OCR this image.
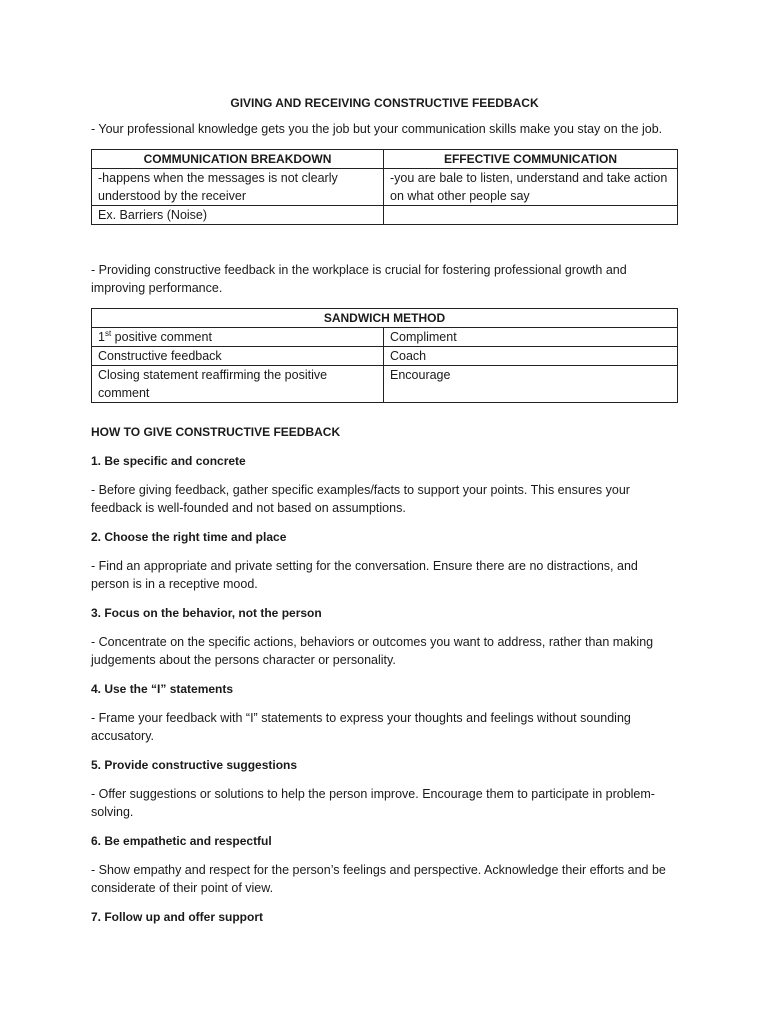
GIVING AND RECEIVING CONSTRUCTIVE FEEDBACK

- Your professional knowledge gets you the job but your communication skills make you stay on the job.

COMMUNICATION BREAKDOWN	EFFECTIVE COMMUNICATION
-happens when the messages is not clearly understood by the receiver	-you are bale to listen, understand and take action on what other people say
Ex. Barriers (Noise)	

- Providing constructive feedback in the workplace is crucial for fostering professional growth and improving performance.

SANDWICH METHOD	
1st positive comment	Compliment
Constructive feedback	Coach
Closing statement reaffirming the positive comment	Encourage

HOW TO GIVE CONSTRUCTIVE FEEDBACK

1. Be specific and concrete

- Before giving feedback, gather specific examples/facts to support your points. This ensures your feedback is well-founded and not based on assumptions.

2. Choose the right time and place

- Find an appropriate and private setting for the conversation. Ensure there are no distractions, and person is in a receptive mood.

3. Focus on the behavior, not the person

- Concentrate on the specific actions, behaviors or outcomes you want to address, rather than making judgements about the persons character or personality.

4. Use the “I” statements

- Frame your feedback with “I” statements to express your thoughts and feelings without sounding accusatory.

5. Provide constructive suggestions

- Offer suggestions or solutions to help the person improve. Encourage them to participate in problem-solving.

6. Be empathetic and respectful

- Show empathy and respect for the person’s feelings and perspective. Acknowledge their efforts and be considerate of their point of view.

7. Follow up and offer support
